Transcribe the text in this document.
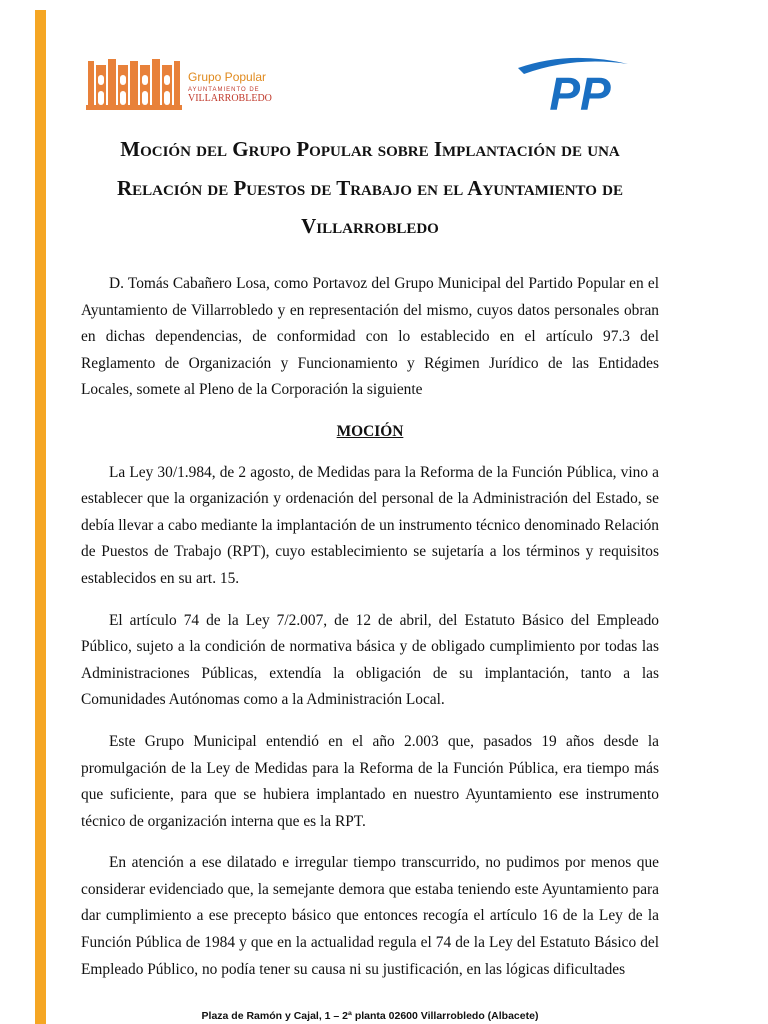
Grupo Popular
AYUNTAMIENTO DE
VILLARROBLEDO	PP
Moción del Grupo Popular sobre Implantación de una
Relación de Puestos de Trabajo en el Ayuntamiento de
Villarrobledo

D. Tomás Cabañero Losa, como Portavoz del Grupo Municipal del Partido Popular en el Ayuntamiento de Villarrobledo y en representación del mismo, cuyos datos personales obran en dichas dependencias, de conformidad con lo establecido en el artículo 97.3 del Reglamento de Organización y Funcionamiento y Régimen Jurídico de las Entidades Locales, somete al Pleno de la Corporación la siguiente

MOCIÓN

La Ley 30/1.984, de 2 agosto, de Medidas para la Reforma de la Función Pública, vino a establecer que la organización y ordenación del personal de la Administración del Estado, se debía llevar a cabo mediante la implantación de un instrumento técnico denominado Relación de Puestos de Trabajo (RPT), cuyo establecimiento se sujetaría a los términos y requisitos establecidos en su art. 15.

El artículo 74 de la Ley 7/2.007, de 12 de abril, del Estatuto Básico del Empleado Público, sujeto a la condición de normativa básica y de obligado cumplimiento por todas las Administraciones Públicas, extendía la obligación de su implantación, tanto a las Comunidades Autónomas como a la Administración Local.

Este Grupo Municipal entendió en el año 2.003 que, pasados 19 años desde la promulgación de la Ley de Medidas para la Reforma de la Función Pública, era tiempo más que suficiente, para que se hubiera implantado en nuestro Ayuntamiento ese instrumento técnico de organización interna que es la RPT.

En atención a ese dilatado e irregular tiempo transcurrido, no pudimos por menos que considerar evidenciado que, la semejante demora que estaba teniendo este Ayuntamiento para dar cumplimiento a ese precepto básico que entonces recogía el artículo 16 de la Ley de la Función Pública de 1984 y que en la actualidad regula el 74 de la Ley del Estatuto Básico del Empleado Público, no podía tener su causa ni su justificación, en las lógicas dificultades

Plaza de Ramón y Cajal, 1 – 2ª planta 02600 Villarrobledo (Albacete)
